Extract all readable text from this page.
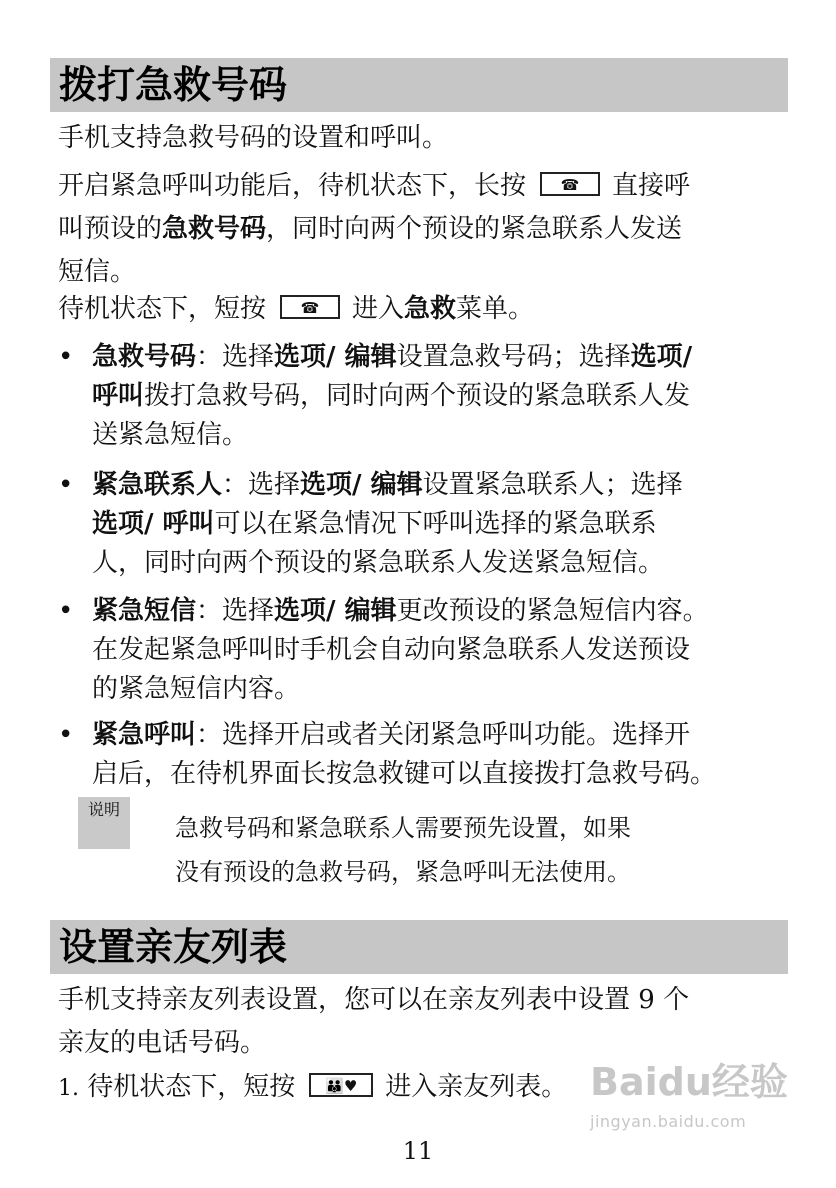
拨打急救号码
手机支持急救号码的设置和呼叫。
开启紧急呼叫功能后，待机状态下，长按	☎	直接呼
叫预设的急救号码，同时向两个预设的紧急联系人发送
短信。
待机状态下，短按	☎	进入急救菜单。
• 急救号码：选择选项/ 编辑设置急救号码；选择选项/
呼叫拨打急救号码，同时向两个预设的紧急联系人发
送紧急短信。
• 紧急联系人：选择选项/ 编辑设置紧急联系人；选择
选项/ 呼叫可以在紧急情况下呼叫选择的紧急联系
人，同时向两个预设的紧急联系人发送紧急短信。
• 紧急短信：选择选项/ 编辑更改预设的紧急短信内容。
在发起紧急呼叫时手机会自动向紧急联系人发送预设
的紧急短信内容。
• 紧急呼叫：选择开启或者关闭紧急呼叫功能。选择开
启后，在待机界面长按急救键可以直接拨打急救号码。
说明
急救号码和紧急联系人需要预先设置，如果
没有预设的急救号码，紧急呼叫无法使用。
设置亲友列表
手机支持亲友列表设置，您可以在亲友列表中设置 9 个
亲友的电话号码。
1. 待机状态下，短按	👪♥	进入亲友列表。 Baidu经验
jingyan.baidu.com
11
